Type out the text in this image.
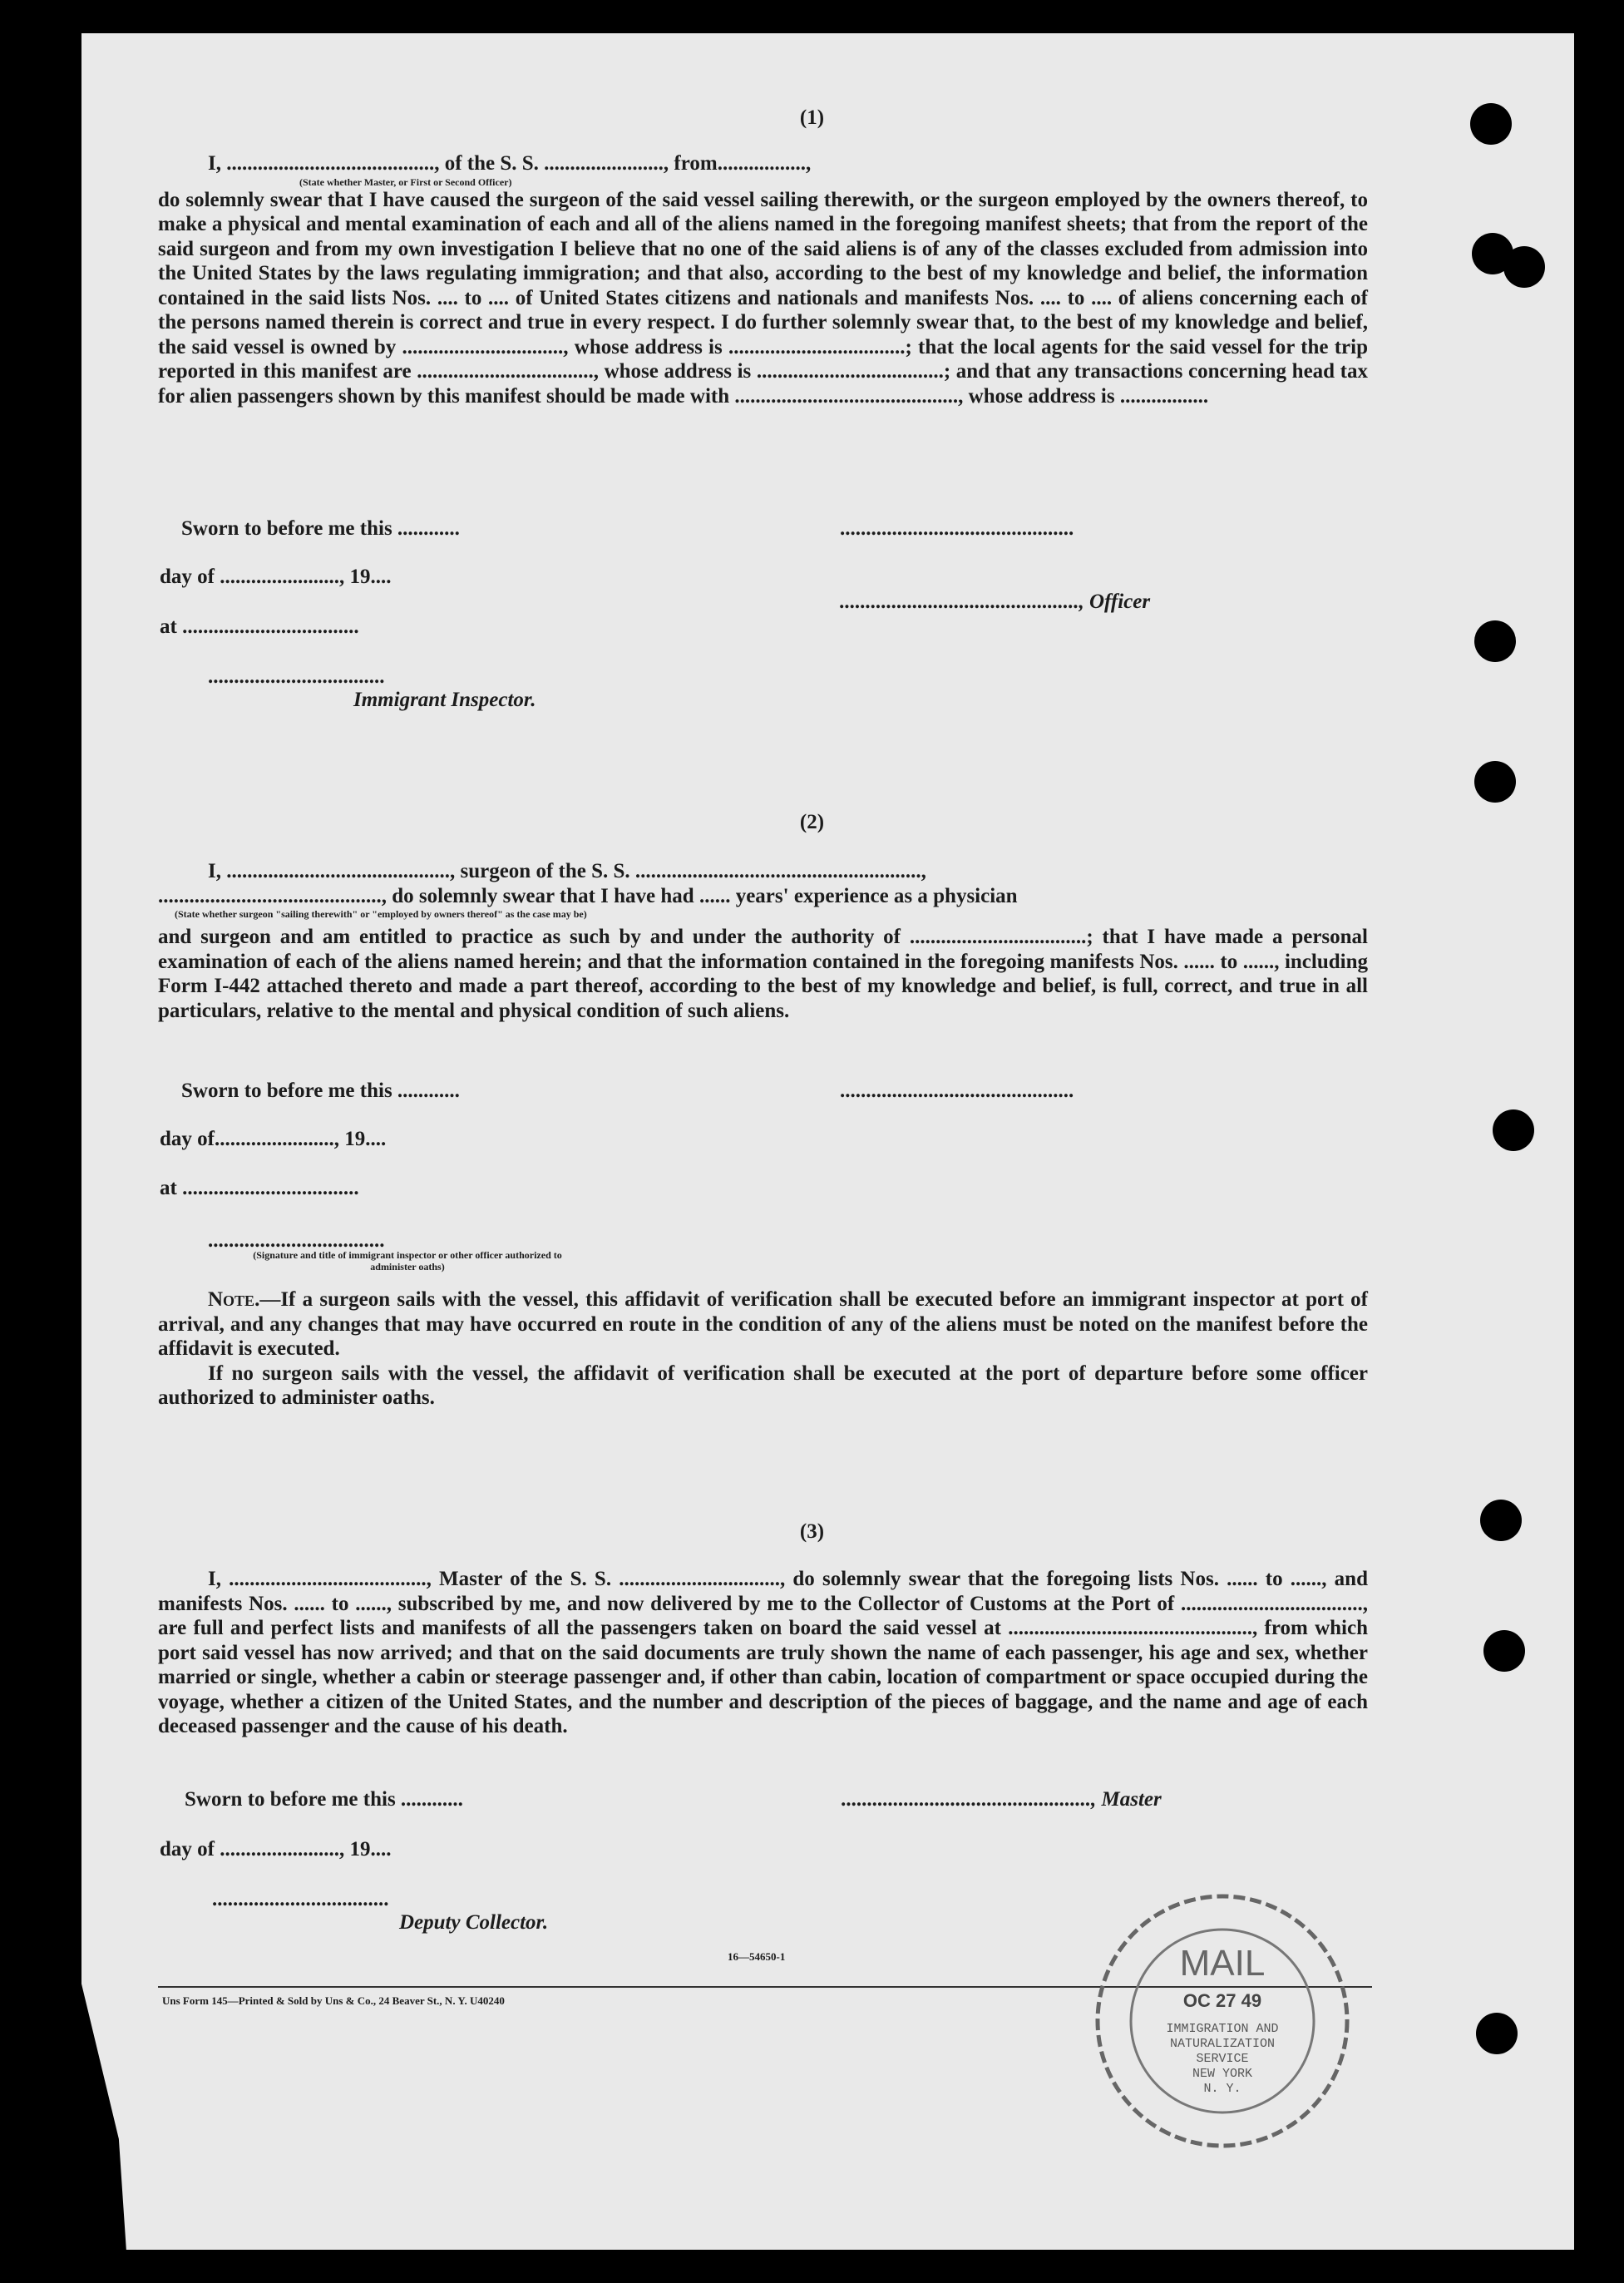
(1)
I, ........................................, of the S. S. ......................., from.................,
(State whether Master, or First or Second Officer)

do solemnly swear that I have caused the surgeon of the said vessel sailing therewith, or the surgeon employed by the owners thereof, to make a physical and mental examination of each and all of the aliens named in the foregoing manifest sheets; that from the report of the said surgeon and from my own investigation I believe that no one of the said aliens is of any of the classes excluded from admission into the United States by the laws regulating immigration; and that also, according to the best of my knowledge and belief, the information contained in the said lists Nos. .... to .... of United States citizens and nationals and manifests Nos. .... to .... of aliens concerning each of the persons named therein is correct and true in every respect. I do further solemnly swear that, to the best of my knowledge and belief, the said vessel is owned by ..............................., whose address is ..................................; that the local agents for the said vessel for the trip reported in this manifest are .................................., whose address is ....................................; and that any transactions concerning head tax for alien passengers shown by this manifest should be made with ..........................................., whose address is .................

Sworn to before me this ............	.............................................
day of ......................., 19....
.............................................., Officer
at ..................................
..................................
Immigrant Inspector.
(2)
I, ..........................................., surgeon of the S. S. .......................................................,
..........................................., do solemnly swear that I have had ...... years' experience as a physician
(State whether surgeon "sailing therewith" or "employed by owners thereof" as the case may be)

and surgeon and am entitled to practice as such by and under the authority of ..................................; that I have made a personal examination of each of the aliens named herein; and that the information contained in the foregoing manifests Nos. ...... to ......, including Form I-442 attached thereto and made a part thereof, according to the best of my knowledge and belief, is full, correct, and true in all particulars, relative to the mental and physical condition of such aliens.

Sworn to before me this ............	.............................................
day of......................., 19....
at ..................................
..................................
(Signature and title of immigrant inspector or other officer authorized to administer oaths)

Note.—If a surgeon sails with the vessel, this affidavit of verification shall be executed before an immigrant inspector at port of arrival, and any changes that may have occurred en route in the condition of any of the aliens must be noted on the manifest before the affidavit is executed.

If no surgeon sails with the vessel, the affidavit of verification shall be executed at the port of departure before some officer authorized to administer oaths.

(3)

I, ......................................, Master of the S. S. ..............................., do solemnly swear that the foregoing lists Nos. ...... to ......, and manifests Nos. ...... to ......, subscribed by me, and now delivered by me to the Collector of Customs at the Port of ..................................., are full and perfect lists and manifests of all the passengers taken on board the said vessel at ..............................................., from which port said vessel has now arrived; and that on the said documents are truly shown the name of each passenger, his age and sex, whether married or single, whether a cabin or steerage passenger and, if other than cabin, location of compartment or space occupied during the voyage, whether a citizen of the United States, and the number and description of the pieces of baggage, and the name and age of each deceased passenger and the cause of his death.

Sworn to before me this ............	................................................, Master
day of ......................., 19....
..................................
Deputy Collector.
16—54650-1
Uns Form 145—Printed & Sold by Uns & Co., 24 Beaver St., N. Y. U40240
MAIL
OC 27 49
IMMIGRATION AND
NATURALIZATION
SERVICE
NEW YORK
N. Y.
